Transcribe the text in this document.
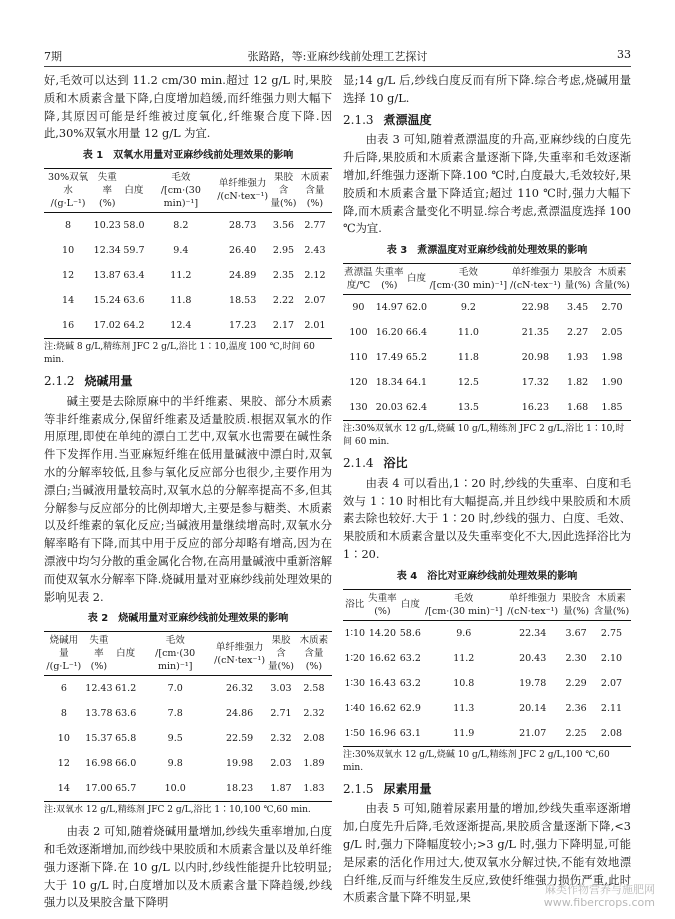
7期	张路路，等:亚麻纱线前处理工艺探讨	33

好,毛效可以达到 11.2 cm/30 min.超过 12 g/L 时,果胶质和木质素含量下降,白度增加趋缓,而纤维强力则大幅下降,其原因可能是纤维被过度氧化,纤维聚合度下降.因此,30%双氧水用量 12 g/L 为宜.

表 1　双氧水用量对亚麻纱线前处理效果的影响
30%双氧水
/(g·L⁻¹)	失重率
(%)	白度	毛效
/[cm·(30 min)⁻¹]	单纤维强力
/(cN·tex⁻¹)	果胶含
量(%)	木质素
含量(%)
8	10.23	58.0	8.2	28.73	3.56	2.77
10	12.34	59.7	9.4	26.40	2.95	2.43
12	13.87	63.4	11.2	24.89	2.35	2.12
14	15.24	63.6	11.8	18.53	2.22	2.07
16	17.02	64.2	12.4	17.23	2.17	2.01
注:烧碱 8 g/L,精练剂 JFC 2 g/L,浴比 1∶10,温度 100 ℃,时间 60 min.
2.1.2 烧碱用量

碱主要是去除原麻中的半纤维素、果胶、部分木质素等非纤维素成分,保留纤维素及适量胶质.根据双氧水的作用原理,即使在单纯的漂白工艺中,双氧水也需要在碱性条件下发挥作用.当亚麻短纤维在低用量碱液中漂白时,双氧水的分解率较低,且参与氧化反应部分也很少,主要作用为漂白;当碱液用量较高时,双氧水总的分解率提高不多,但其分解参与反应部分的比例却增大,主要是参与糖类、木质素以及纤维素的氧化反应;当碱液用量继续增高时,双氧水分解率略有下降,而其中用于反应的部分却略有增高,因为在漂液中均匀分散的重金属化合物,在高用量碱液中重新溶解而使双氧水分解率下降.烧碱用量对亚麻纱线前处理效果的影响见表 2.

表 2　烧碱用量对亚麻纱线前处理效果的影响
烧碱用量
/(g·L⁻¹)	失重率
(%)	白度	毛效
/[cm·(30 min)⁻¹]	单纤维强力
/(cN·tex⁻¹)	果胶含
量(%)	木质素
含量(%)
6	12.43	61.2	7.0	26.32	3.03	2.58
8	13.78	63.6	7.8	24.86	2.71	2.32
10	15.37	65.8	9.5	22.59	2.32	2.08
12	16.98	66.0	9.8	19.98	2.03	1.89
14	17.00	65.7	10.0	18.23	1.87	1.83
注:双氧水 12 g/L,精练剂 JFC 2 g/L,浴比 1∶10,100 ℃,60 min.

由表 2 可知,随着烧碱用量增加,纱线失重率增加,白度和毛效逐渐增加,而纱线中果胶质和木质素含量以及单纤维强力逐渐下降.在 10 g/L 以内时,纱线性能提升比较明显;大于 10 g/L 时,白度增加以及木质素含量下降趋缓,纱线强力以及果胶含量下降明

显;14 g/L 后,纱线白度反而有所下降.综合考虑,烧碱用量选择 10 g/L.

2.1.3 煮漂温度

由表 3 可知,随着煮漂温度的升高,亚麻纱线的白度先升后降,果胶质和木质素含量逐渐下降,失重率和毛效逐渐增加,纤维强力逐渐下降.100 ℃时,白度最大,毛效较好,果胶质和木质素含量下降适宜;超过 110 ℃时,强力大幅下降,而木质素含量变化不明显.综合考虑,煮漂温度选择 100 ℃为宜.

表 3　煮漂温度对亚麻纱线前处理效果的影响
煮漂温
度/℃	失重率
(%)	白度	毛效
/[cm·(30 min)⁻¹]	单纤维强力
/(cN·tex⁻¹)	果胶含
量(%)	木质素
含量(%)
90	14.97	62.0	9.2	22.98	3.45	2.70
100	16.20	66.4	11.0	21.35	2.27	2.05
110	17.49	65.2	11.8	20.98	1.93	1.98
120	18.34	64.1	12.5	17.32	1.82	1.90
130	20.03	62.4	13.5	16.23	1.68	1.85
注:30%双氧水 12 g/L,烧碱 10 g/L,精练剂 JFC 2 g/L,浴比 1∶10,时间 60 min.
2.1.4 浴比

由表 4 可以看出,1∶20 时,纱线的失重率、白度和毛效与 1∶10 时相比有大幅提高,并且纱线中果胶质和木质素去除也较好.大于 1∶20 时,纱线的强力、白度、毛效、果胶质和木质素含量以及失重率变化不大,因此选择浴比为 1∶20.

表 4　浴比对亚麻纱线前处理效果的影响
浴比	失重率
(%)	白度	毛效
/[cm·(30 min)⁻¹]	单纤维强力
/(cN·tex⁻¹)	果胶含
量(%)	木质素
含量(%)
1∶10	14.20	58.6	9.6	22.34	3.67	2.75
1∶20	16.62	63.2	11.2	20.43	2.30	2.10
1∶30	16.43	63.2	10.8	19.78	2.29	2.07
1∶40	16.62	62.9	11.3	20.14	2.36	2.11
1∶50	16.96	63.1	11.9	21.07	2.25	2.08
注:30%双氧水 12 g/L,烧碱 10 g/L,精练剂 JFC 2 g/L,100 ℃,60 min.
2.1.5 尿素用量

由表 5 可知,随着尿素用量的增加,纱线失重率逐渐增加,白度先升后降,毛效逐渐提高,果胶质含量逐渐下降,<3 g/L 时,强力下降幅度较小;>3 g/L 时,强力下降明显,可能是尿素的活化作用过大,使双氧水分解过快,不能有效地漂白纤维,反而与纤维发生反应,致使纤维强力损伤严重,此时木质素含量下降不明显,果

麻类作物营养与施肥网
www.fibercrops.com
